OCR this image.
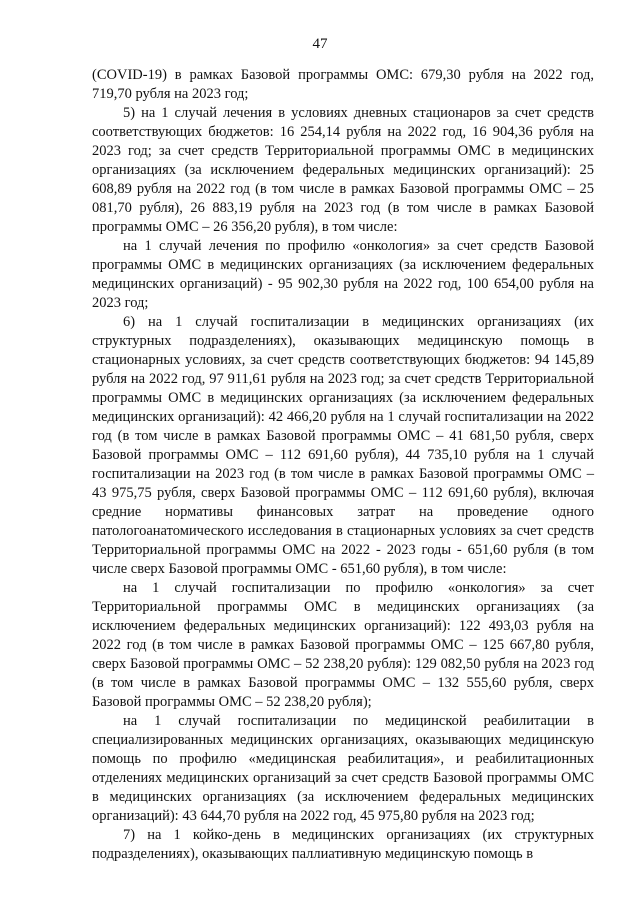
47

(COVID-19) в рамках Базовой программы ОМС: 679,30 рубля на 2022 год, 719,70 рубля на 2023 год;

5) на 1 случай лечения в условиях дневных стационаров за счет средств соответствующих бюджетов: 16 254,14 рубля на 2022 год, 16 904,36 рубля на 2023 год; за счет средств Территориальной программы ОМС в медицинских организациях (за исключением федеральных медицинских организаций): 25 608,89 рубля на 2022 год (в том числе в рамках Базовой программы ОМС – 25 081,70 рубля), 26 883,19 рубля на 2023 год (в том числе в рамках Базовой программы ОМС – 26 356,20 рубля), в том числе:

на 1 случай лечения по профилю «онкология» за счет средств Базовой программы ОМС в медицинских организациях (за исключением федеральных медицинских организаций) - 95 902,30 рубля на 2022 год, 100 654,00 рубля на 2023 год;

6) на 1 случай госпитализации в медицинских организациях (их структурных подразделениях), оказывающих медицинскую помощь в стационарных условиях, за счет средств соответствующих бюджетов: 94 145,89 рубля на 2022 год, 97 911,61 рубля на 2023 год; за счет средств Территориальной программы ОМС в медицинских организациях (за исключением федеральных медицинских организаций): 42 466,20 рубля на 1 случай госпитализации на 2022 год (в том числе в рамках Базовой программы ОМС – 41 681,50 рубля, сверх Базовой программы ОМС – 112 691,60 рубля), 44 735,10 рубля на 1 случай госпитализации на 2023 год (в том числе в рамках Базовой программы ОМС – 43 975,75 рубля, сверх Базовой программы ОМС – 112 691,60 рубля), включая средние нормативы финансовых затрат на проведение одного патологоанатомического исследования в стационарных условиях за счет средств Территориальной программы ОМС на 2022 - 2023 годы - 651,60 рубля (в том числе сверх Базовой программы ОМС - 651,60 рубля), в том числе:

на 1 случай госпитализации по профилю «онкология» за счет Территориальной программы ОМС в медицинских организациях (за исключением федеральных медицинских организаций): 122 493,03 рубля на 2022 год (в том числе в рамках Базовой программы ОМС – 125 667,80 рубля, сверх Базовой программы ОМС – 52 238,20 рубля): 129 082,50 рубля на 2023 год (в том числе в рамках Базовой программы ОМС – 132 555,60 рубля, сверх Базовой программы ОМС – 52 238,20 рубля);

на 1 случай госпитализации по медицинской реабилитации в специализированных медицинских организациях, оказывающих медицинскую помощь по профилю «медицинская реабилитация», и реабилитационных отделениях медицинских организаций за счет средств Базовой программы ОМС в медицинских организациях (за исключением федеральных медицинских организаций): 43 644,70 рубля на 2022 год, 45 975,80 рубля на 2023 год;

7) на 1 койко-день в медицинских организациях (их структурных подразделениях), оказывающих паллиативную медицинскую помощь в
